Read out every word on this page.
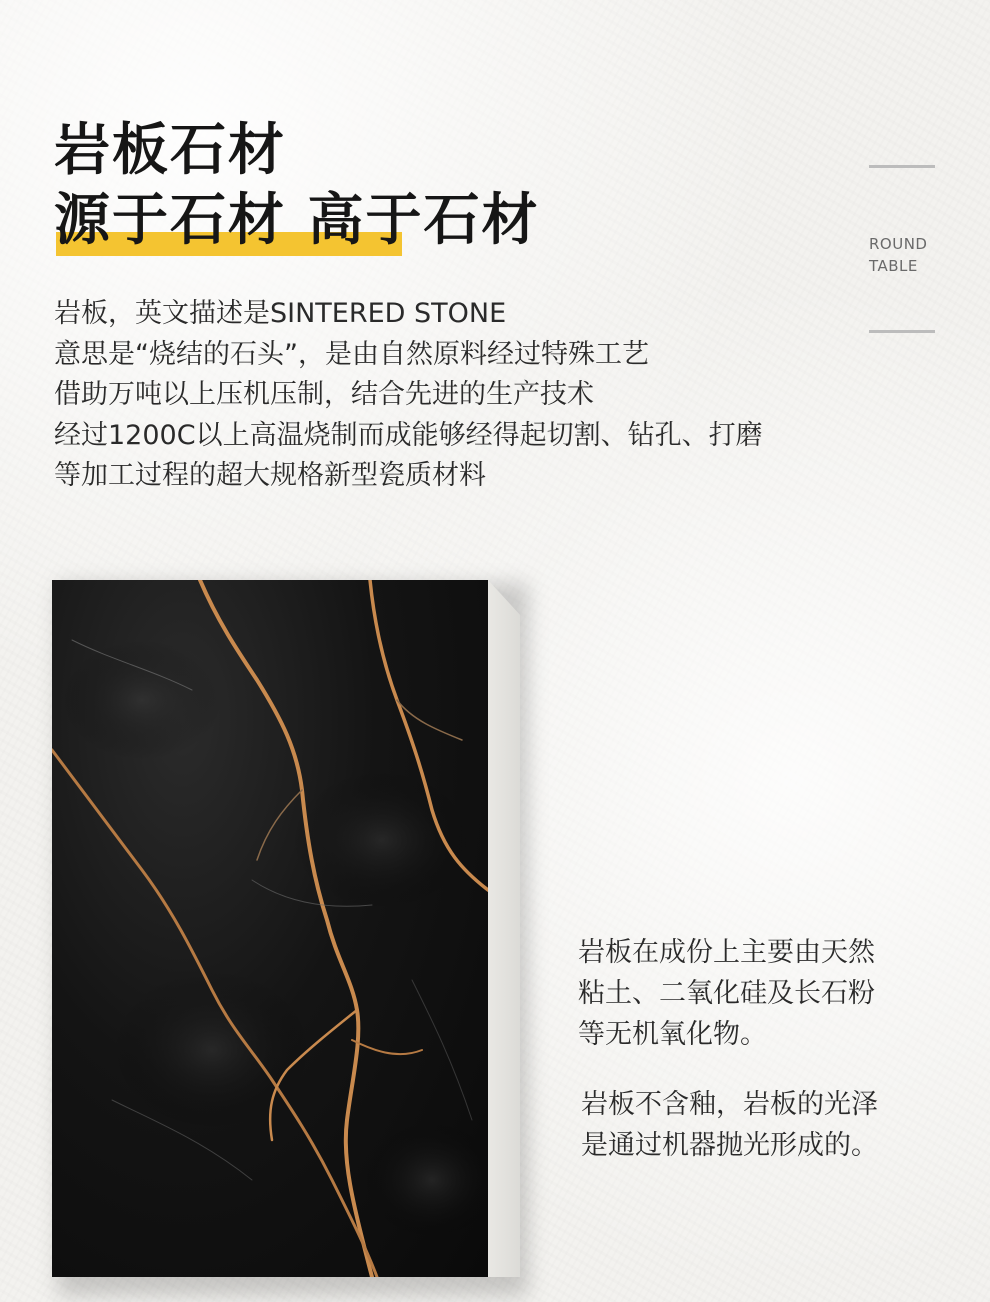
岩板石材
源于石材 高于石材	ROUND
TABLE
岩板，英文描述是SINTERED STONE
意思是“烧结的石头”，是由自然原料经过特殊工艺
借助万吨以上压机压制，结合先进的生产技术
经过1200C以上高温烧制而成能够经得起切割、钻孔、打磨
等加工过程的超大规格新型瓷质材料
岩板在成份上主要由天然
粘土、二氧化硅及长石粉
等无机氧化物。
岩板不含釉，岩板的光泽
是通过机器抛光形成的。
